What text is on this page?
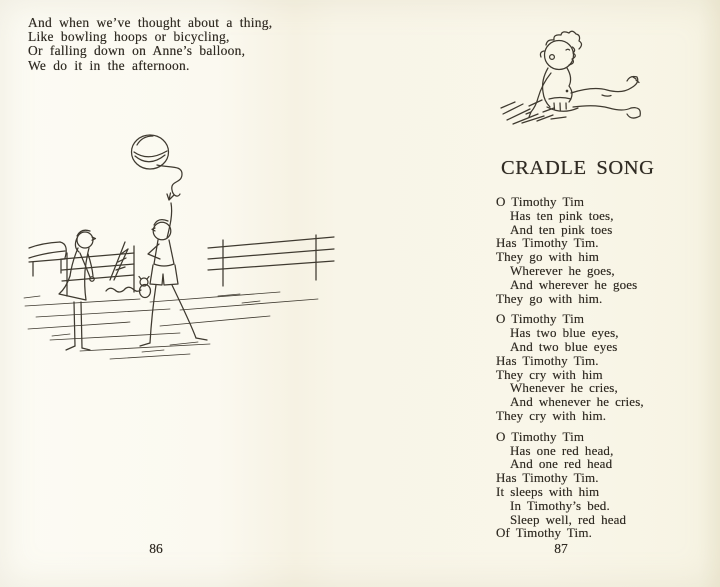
And when we’ve thought about a thing,
Like bowling hoops or bicycling,
Or falling down on Anne’s balloon,
We do it in the afternoon.
86
CRADLE SONG
O Timothy Tim
Has ten pink toes,
And ten pink toes
Has Timothy Tim.
They go with him
Wherever he goes,
And wherever he goes
They go with him.
O Timothy Tim
Has two blue eyes,
And two blue eyes
Has Timothy Tim.
They cry with him
Whenever he cries,
And whenever he cries,
They cry with him.
O Timothy Tim
Has one red head,
And one red head
Has Timothy Tim.
It sleeps with him
In Timothy’s bed.
Sleep well, red head
Of Timothy Tim.
87
